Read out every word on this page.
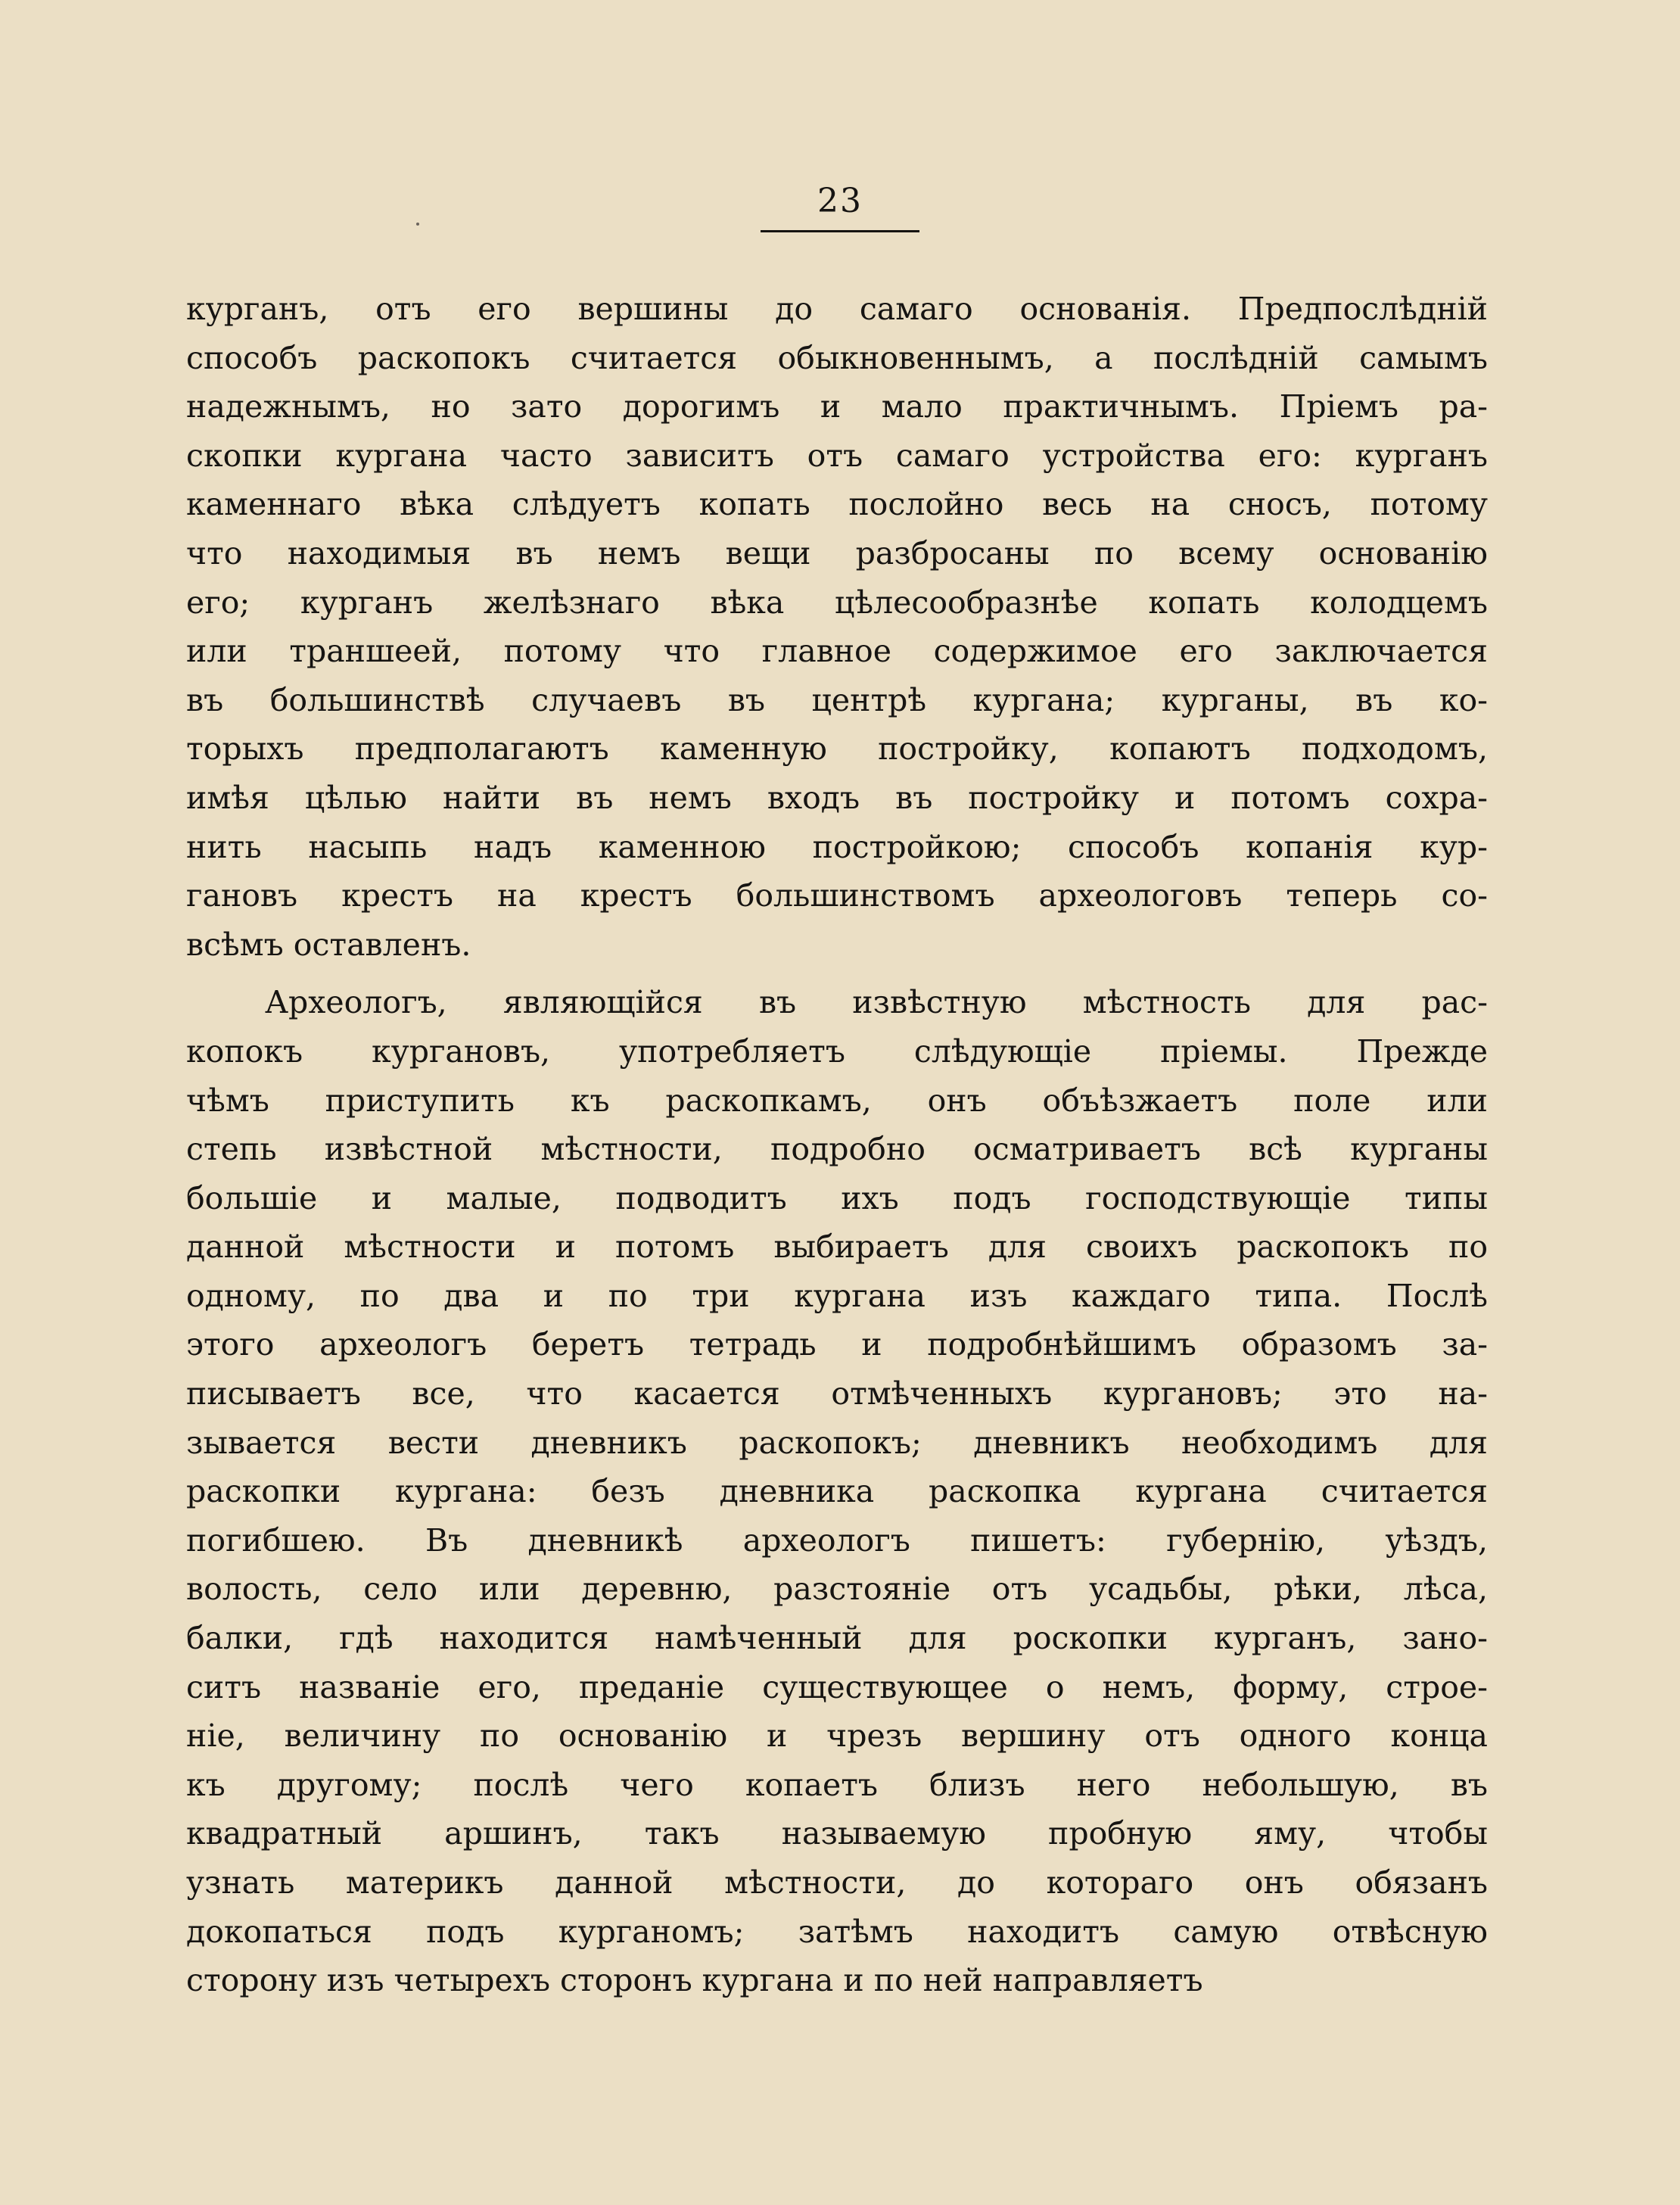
23
курганъ, отъ его вершины до самаго основанія. Предпослѣдній
способъ раскопокъ считается обыкновеннымъ, а послѣдній самымъ
надежнымъ, но зато дорогимъ и мало практичнымъ. Пріемъ ра-
скопки кургана часто зависитъ отъ самаго устройства его: курганъ
каменнаго вѣка слѣдуетъ копать послойно весь на сносъ, потому
что находимыя въ немъ вещи разбросаны по всему основанію
его; курганъ желѣзнаго вѣка цѣлесообразнѣе копать колодцемъ
или траншеей, потому что главное содержимое его заключается
въ большинствѣ случаевъ въ центрѣ кургана; курганы, въ ко-
торыхъ предполагаютъ каменную постройку, копаютъ подходомъ,
имѣя цѣлью найти въ немъ входъ въ постройку и потомъ сохра-
нить насыпь надъ каменною постройкою; способъ копанія кур-
гановъ крестъ на крестъ большинствомъ археологовъ теперь со-
всѣмъ оставленъ.
Археологъ, являющійся въ извѣстную мѣстность для рас-
копокъ кургановъ, употребляетъ слѣдующіе пріемы. Прежде
чѣмъ приступить къ раскопкамъ, онъ объѣзжаетъ поле или
степь извѣстной мѣстности, подробно осматриваетъ всѣ курганы
большіе и малые, подводитъ ихъ подъ господствующіе типы
данной мѣстности и потомъ выбираетъ для своихъ раскопокъ по
одному, по два и по три кургана изъ каждаго типа. Послѣ
этого археологъ беретъ тетрадь и подробнѣйшимъ образомъ за-
писываетъ все, что касается отмѣченныхъ кургановъ; это на-
зывается вести дневникъ раскопокъ; дневникъ необходимъ для
раскопки кургана: безъ дневника раскопка кургана считается
погибшею. Въ дневникѣ археологъ пишетъ: губернію, уѣздъ,
волость, село или деревню, разстояніе отъ усадьбы, рѣки, лѣса,
балки, гдѣ находится намѣченный для роскопки курганъ, зано-
ситъ названіе его, преданіе существующее о немъ, форму, строе-
ніе, величину по основанію и чрезъ вершину отъ одного конца
къ другому; послѣ чего копаетъ близъ него небольшую, въ
квадратный аршинъ, такъ называемую пробную яму, чтобы
узнать материкъ данной мѣстности, до котораго онъ обязанъ
докопаться подъ курганомъ; затѣмъ находитъ самую отвѣсную
сторону изъ четырехъ сторонъ кургана и по ней направляетъ
